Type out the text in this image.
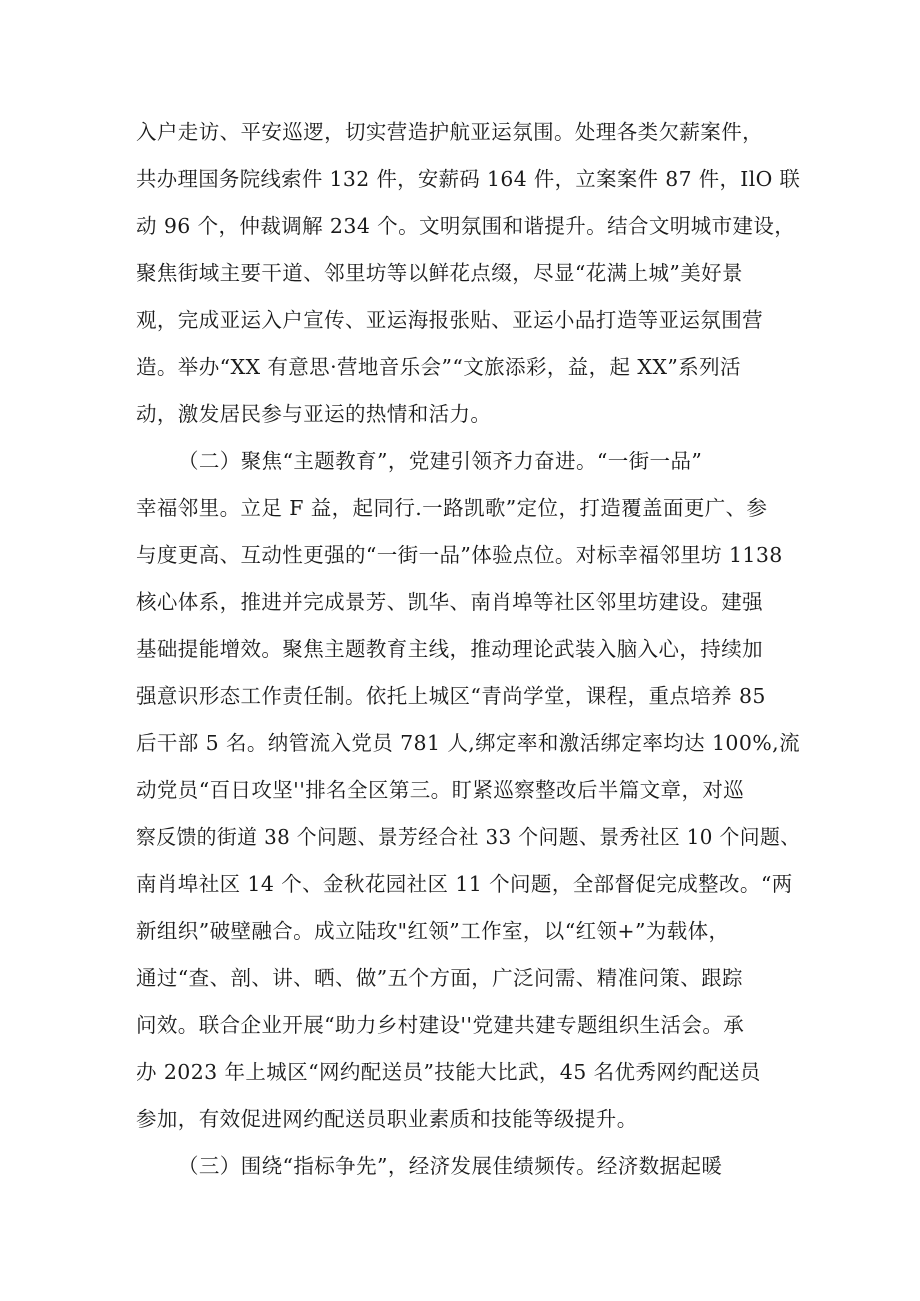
入户走访、平安巡逻，切实营造护航亚运氛围。处理各类欠薪案件，
共办理国务院线索件 132 件，安薪码 164 件，立案案件 87 件，IlO 联
动 96 个，仲裁调解 234 个。文明氛围和谐提升。结合文明城市建设，
聚焦街域主要干道、邻里坊等以鲜花点缀，尽显“花满上城”美好景
观，完成亚运入户宣传、亚运海报张贴、亚运小品打造等亚运氛围营
造。举办“XX 有意思·营地音乐会”“文旅添彩，益，起 XX”系列活
动，激发居民参与亚运的热情和活力。
（二）聚焦“主题教育”，党建引领齐力奋进。“一街一品”
幸福邻里。立足 F 益，起同行.一路凯歌”定位，打造覆盖面更广、参
与度更高、互动性更强的“一街一品”体验点位。对标幸福邻里坊 1138
核心体系，推进并完成景芳、凯华、南肖埠等社区邻里坊建设。建强
基础提能增效。聚焦主题教育主线，推动理论武装入脑入心，持续加
强意识形态工作责任制。依托上城区“青尚学堂，课程，重点培养 85
后干部 5 名。纳管流入党员 781 人,绑定率和激活绑定率均达 100%,流
动党员“百日攻坚''排名全区第三。盯紧巡察整改后半篇文章，对巡
察反馈的街道 38 个问题、景芳经合社 33 个问题、景秀社区 10 个问题、
南肖埠社区 14 个、金秋花园社区 11 个问题，全部督促完成整改。“两
新组织”破壁融合。成立陆玫"红领”工作室，以“红领+”为载体，
通过“查、剖、讲、晒、做”五个方面，广泛问需、精准问策、跟踪
问效。联合企业开展“助力乡村建设''党建共建专题组织生活会。承
办 2023 年上城区“网约配送员”技能大比武，45 名优秀网约配送员
参加，有效促进网约配送员职业素质和技能等级提升。
（三）围绕“指标争先”，经济发展佳绩频传。经济数据起暖
